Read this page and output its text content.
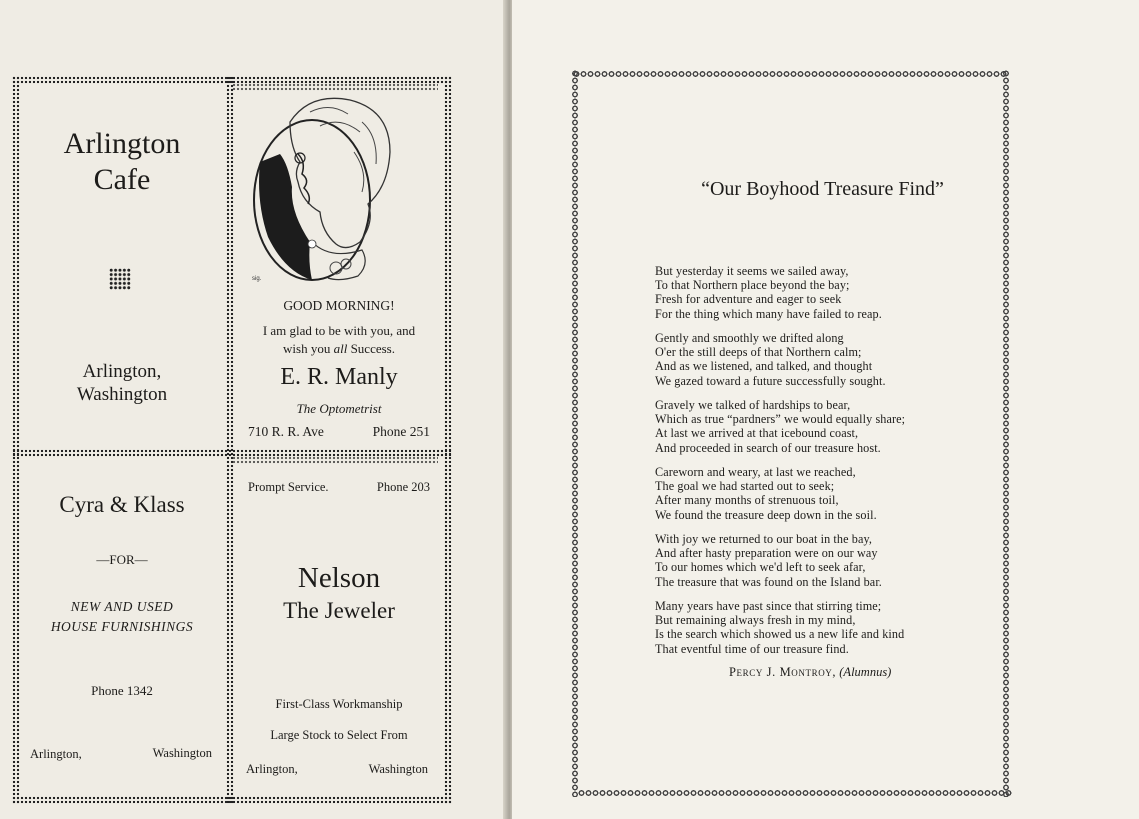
Arlington
Cafe
Arlington,
Washington
sig.
GOOD MORNING!
I am glad to be with you, and
wish you all Success.
E. R. Manly
The Optometrist
710 R. R. Ave	Phone 251
Cyra & Klass
—FOR—
NEW AND USED
HOUSE FURNISHINGS
Phone 1342
Arlington,	Washington
Prompt Service.	Phone 203
Nelson
The Jeweler
First-Class Workmanship
Large Stock to Select From
Arlington,	Washington
“Our Boyhood Treasure Find”
But yesterday it seems we sailed away,
To that Northern place beyond the bay;
Fresh for adventure and eager to seek
For the thing which many have failed to reap.
Gently and smoothly we drifted along
O'er the still deeps of that Northern calm;
And as we listened, and talked, and thought
We gazed toward a future successfully sought.
Gravely we talked of hardships to bear,
Which as true “pardners” we would equally share;
At last we arrived at that icebound coast,
And proceeded in search of our treasure host.
Careworn and weary, at last we reached,
The goal we had started out to seek;
After many months of strenuous toil,
We found the treasure deep down in the soil.
With joy we returned to our boat in the bay,
And after hasty preparation were on our way
To our homes which we'd left to seek afar,
The treasure that was found on the Island bar.
Many years have past since that stirring time;
But remaining always fresh in my mind,
Is the search which showed us a new life and kind
That eventful time of our treasure find.
Percy J. Montroy, (Alumnus)
